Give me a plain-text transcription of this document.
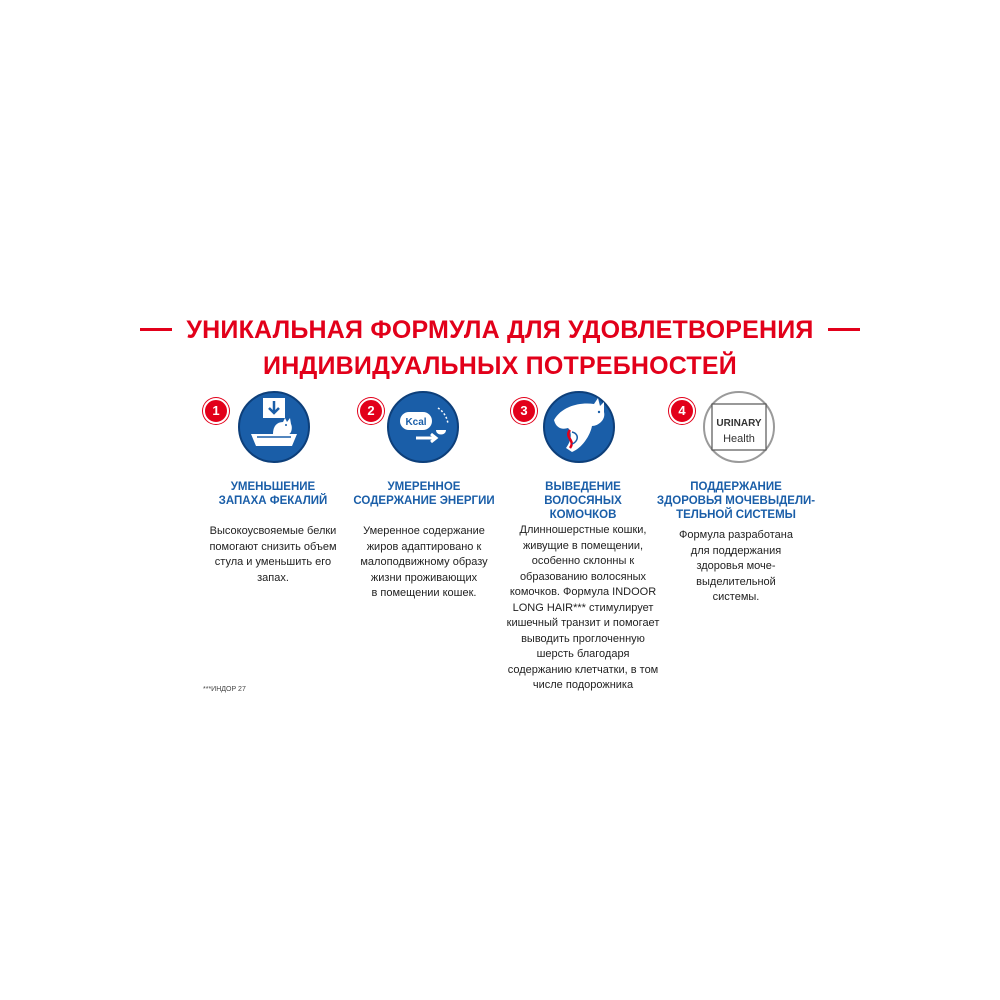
УНИКАЛЬНАЯ ФОРМУЛА ДЛЯ УДОВЛЕТВОРЕНИЯ
ИНДИВИДУАЛЬНЫХ ПОТРЕБНОСТЕЙ
1
УМЕНЬШЕНИЕ
ЗАПАХА ФЕКАЛИЙ
Высокоусвояемые белки
помогают снизить объем
стула и уменьшить его
запах.
2
Kcal
УМЕРЕННОЕ
СОДЕРЖАНИЕ ЭНЕРГИИ
Умеренное содержание
жиров адаптировано к
малоподвижному образу
жизни проживающих
в помещении кошек.
3
ВЫВЕДЕНИЕ
ВОЛОСЯНЫХ
КОМОЧКОВ
Длинношерстные кошки,
живущие в помещении,
особенно склонны к
образованию волосяных
комочков. Формула INDOOR
LONG HAIR*** стимулирует
кишечный транзит и помогает
выводить проглоченную
шерсть благодаря
содержанию клетчатки, в том
числе подорожника
4
URINARY
Health
ПОДДЕРЖАНИЕ
ЗДОРОВЬЯ МОЧЕВЫДЕЛИ-
ТЕЛЬНОЙ СИСТЕМЫ
Формула разработана
для поддержания
здоровья моче-
выделительной
системы.
***ИНДОР 27
